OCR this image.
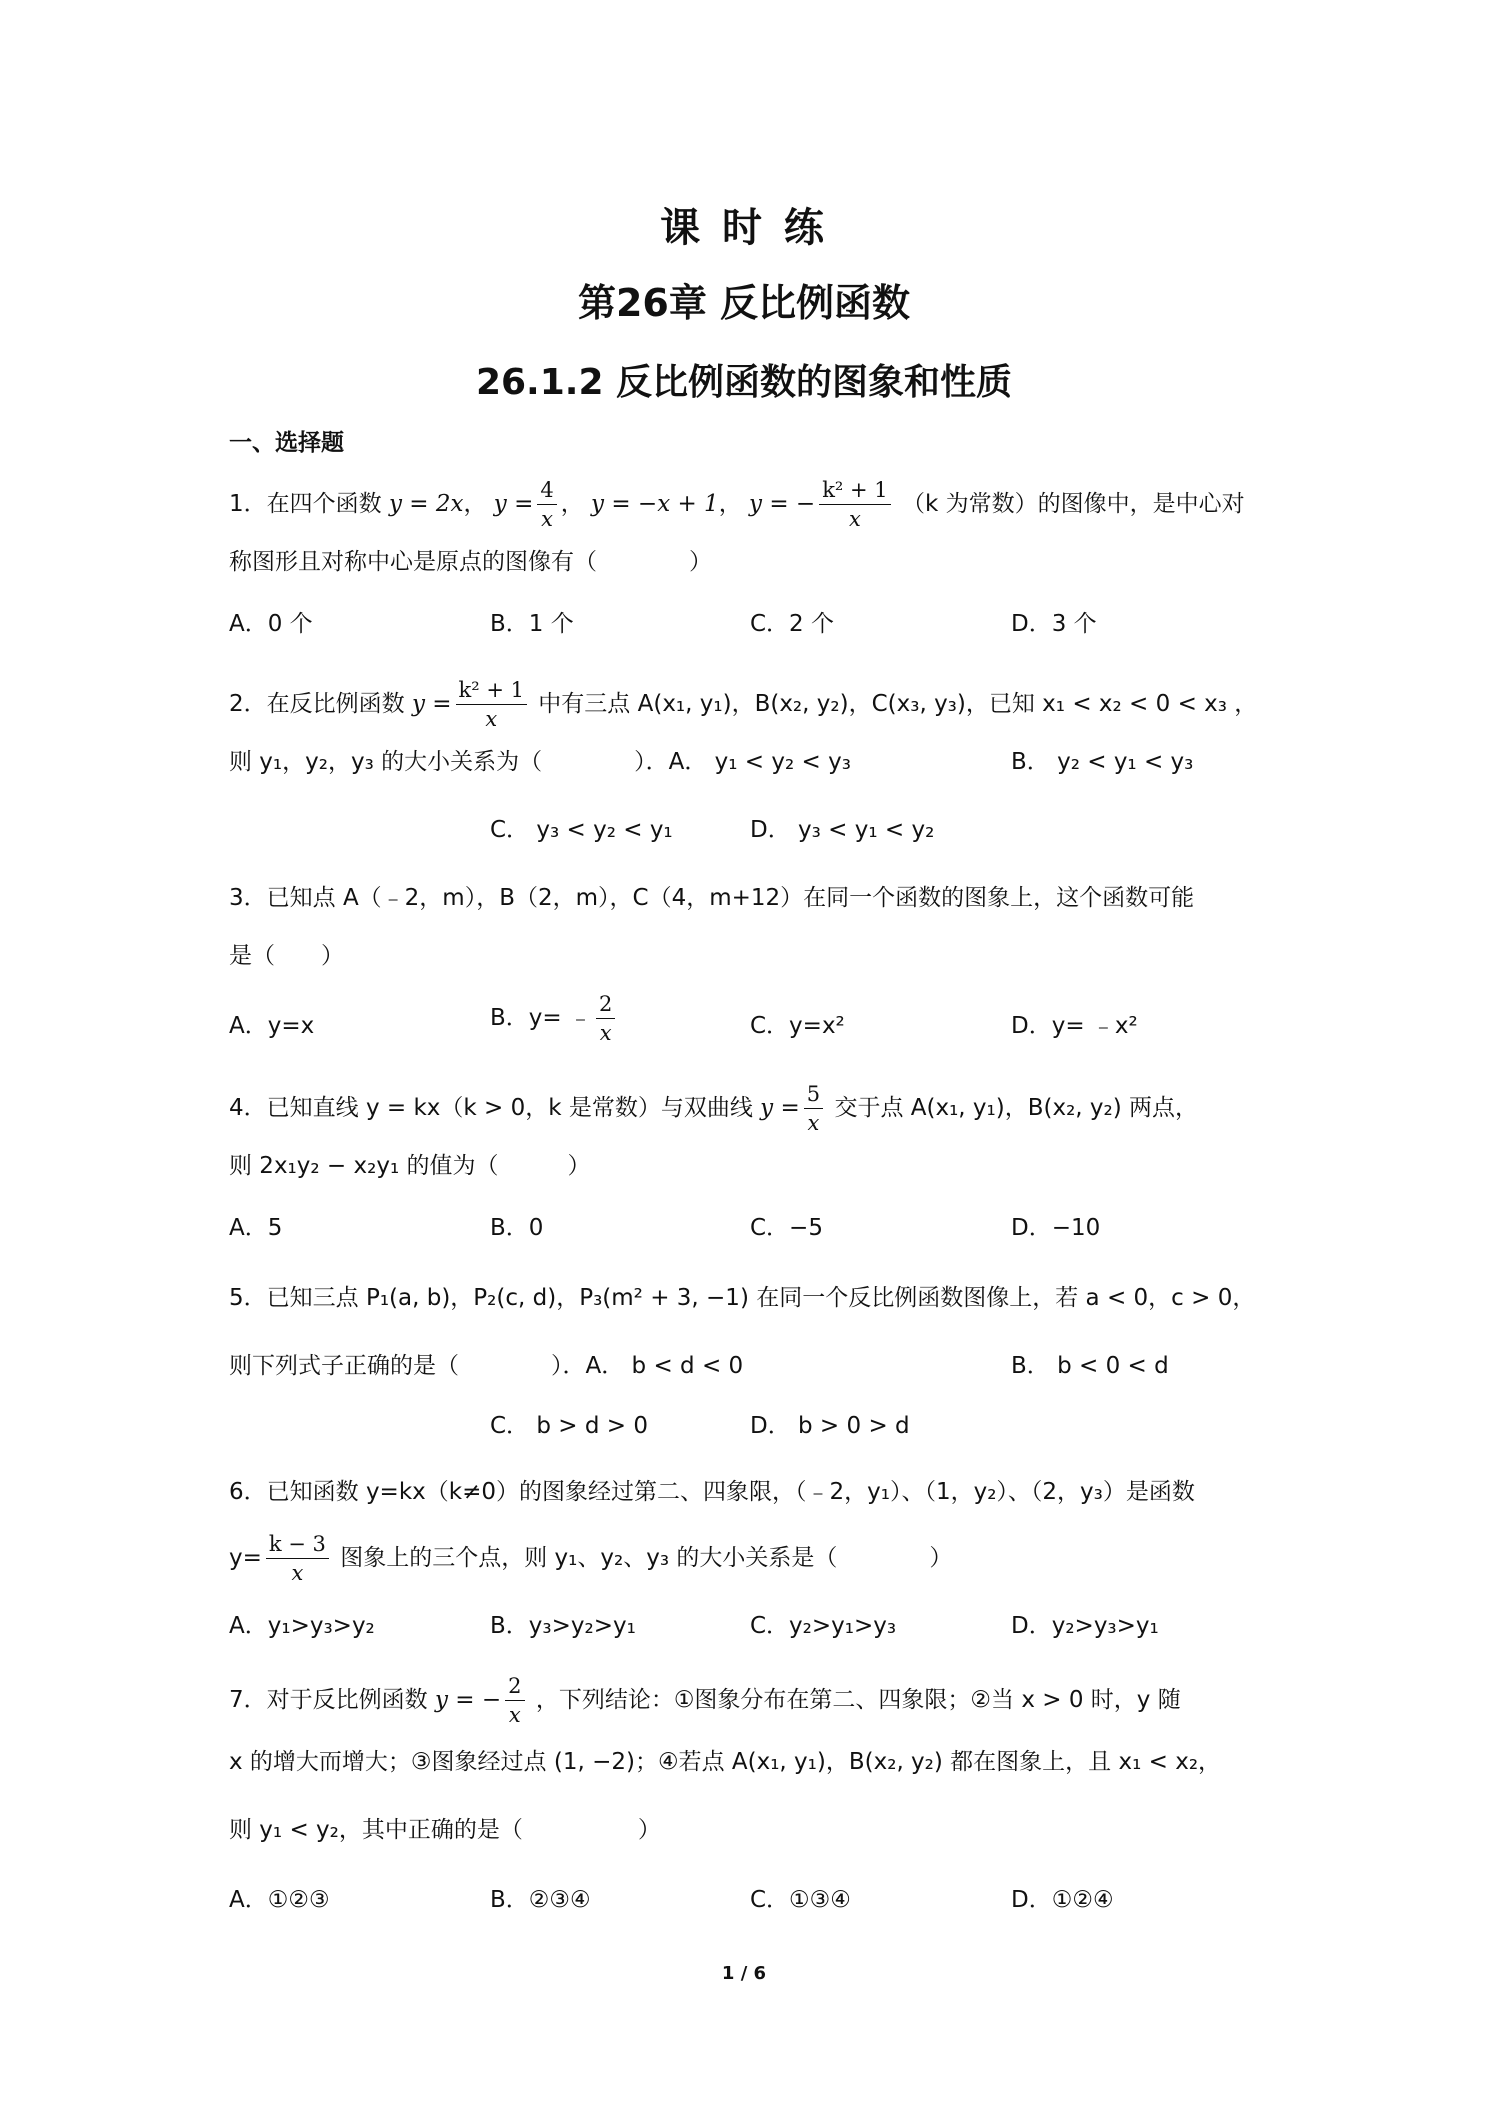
课 时 练
第26章 反比例函数
26.1.2 反比例函数的图象和性质
一、选择题
1．在四个函数 y = 2x， $y = \frac{4}{x}$ ， y = −x + 1， y = − $\frac{\text{k² + 1}}{x} (k$ 为常数）的图像中，是中心对
称图形且对称中心是原点的图像有（　　　　）
A．0 个	B．1 个	C．2 个	D．3 个
2．在反比例函数 $y = \frac{\text{k² + 1}}{x}$ 中有三点 A(x₁, y₁)，B(x₂, y₂)，C(x₃, y₃)，已知 x₁ < x₂ < 0 < x₃ ，
则 y₁，y₂，y₃ 的大小关系为（　　　　）．A． y₁ < y₂ < y₃	B． y₂ < y₁ < y₃
C． y₃ < y₂ < y₁	D． y₃ < y₁ < y₂
3．已知点 A（﹣2，m），B（2，m），C（4，m+12）在同一个函数的图象上，这个函数可能
是（　　）
A．y=x	B．y= ﹣ $\frac{2}{x}$	C．y=x²	D．y= ﹣x²
4．已知直线 y = kx（k > 0，k 是常数）与双曲线 $y = \frac{5}{x}$ 交于点 A(x₁, y₁)，B(x₂, y₂) 两点，
则 2x₁y₂ − x₂y₁ 的值为（　　　）
A．5	B．0	C．−5	D．−10
5．已知三点 P₁(a, b)，P₂(c, d)，P₃(m² + 3, −1) 在同一个反比例函数图像上，若 a < 0，c > 0，
则下列式子正确的是（　　　　）．A． b < d < 0	B． b < 0 < d
C． b > d > 0	D． b > 0 > d
6．已知函数 y=kx（k≠0）的图象经过第二、四象限，（﹣2，y₁）、（1，y₂）、（2，y₃）是函数
$y= \frac{k - 3}{x}$ 图象上的三个点，则 y₁、y₂、y₃ 的大小关系是（　　　　）
A．y₁>y₃>y₂	B．y₃>y₂>y₁	C．y₂>y₁>y₃	D．y₂>y₃>y₁
7．对于反比例函数 y = − $\frac{2}{x}$ ，下列结论：①图象分布在第二、四象限；②当 x > 0 时，y 随
x 的增大而增大；③图象经过点 (1, −2)；④若点 A(x₁, y₁)，B(x₂, y₂) 都在图象上，且 x₁ < x₂，
则 y₁ < y₂，其中正确的是（　　　　　）
A．①②③	B．②③④	C．①③④	D．①②④
1 / 6
